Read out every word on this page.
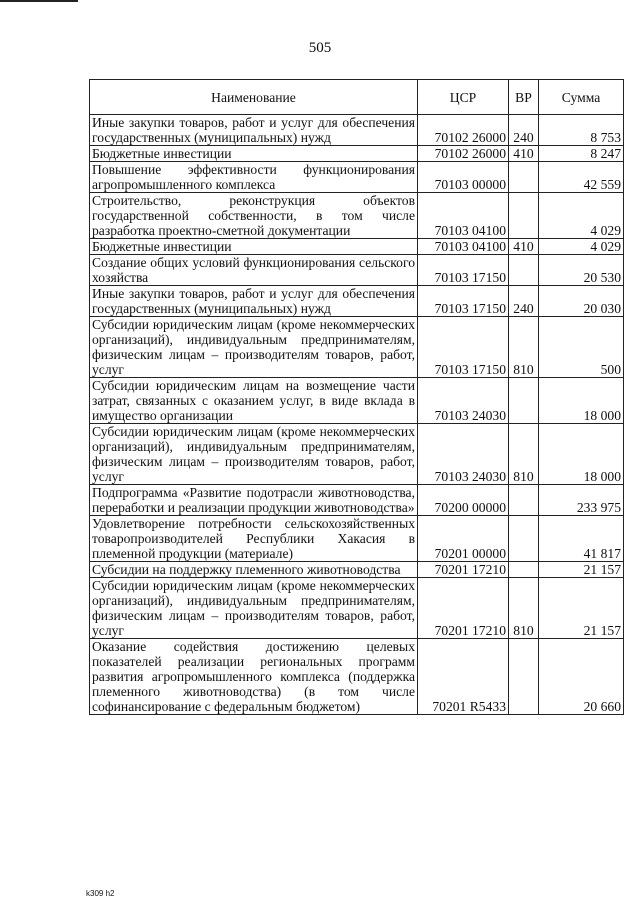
505
Наименование	ЦСР	ВР	Сумма
Иные закупки товаров, работ и услуг для обеспечения государственных (муниципальных) нужд	70102 26000	240	8 753
Бюджетные инвестиции	70102 26000	410	8 247
Повышение эффективности функционирования агропромышленного комплекса	70103 00000		42 559
Строительство, реконструкция объектов государственной собственности, в том числе разработка проектно-сметной документации	70103 04100		4 029
Бюджетные инвестиции	70103 04100	410	4 029
Создание общих условий функционирования сельского хозяйства	70103 17150		20 530
Иные закупки товаров, работ и услуг для обеспечения государственных (муниципальных) нужд	70103 17150	240	20 030
Субсидии юридическим лицам (кроме некоммерческих организаций), индивидуальным предпринимателям, физическим лицам – производителям товаров, работ, услуг	70103 17150	810	500
Субсидии юридическим лицам на возмещение части затрат, связанных с оказанием услуг, в виде вклада в имущество организации	70103 24030		18 000
Субсидии юридическим лицам (кроме некоммерческих организаций), индивидуальным предпринимателям, физическим лицам – производителям товаров, работ, услуг	70103 24030	810	18 000
Подпрограмма «Развитие подотрасли животноводства, переработки и реализации продукции животноводства»	70200 00000		233 975
Удовлетворение потребности сельскохозяйственных товаропроизводителей Республики Хакасия в племенной продукции (материале)	70201 00000		41 817
Субсидии на поддержку племенного животноводства	70201 17210		21 157
Субсидии юридическим лицам (кроме некоммерческих организаций), индивидуальным предпринимателям, физическим лицам – производителям товаров, работ, услуг	70201 17210	810	21 157
Оказание содействия достижению целевых показателей реализации региональных программ развития агропромышленного комплекса (поддержка племенного животноводства) (в том числе софинансирование с федеральным бюджетом)	70201 R5433		20 660
k309 h2
